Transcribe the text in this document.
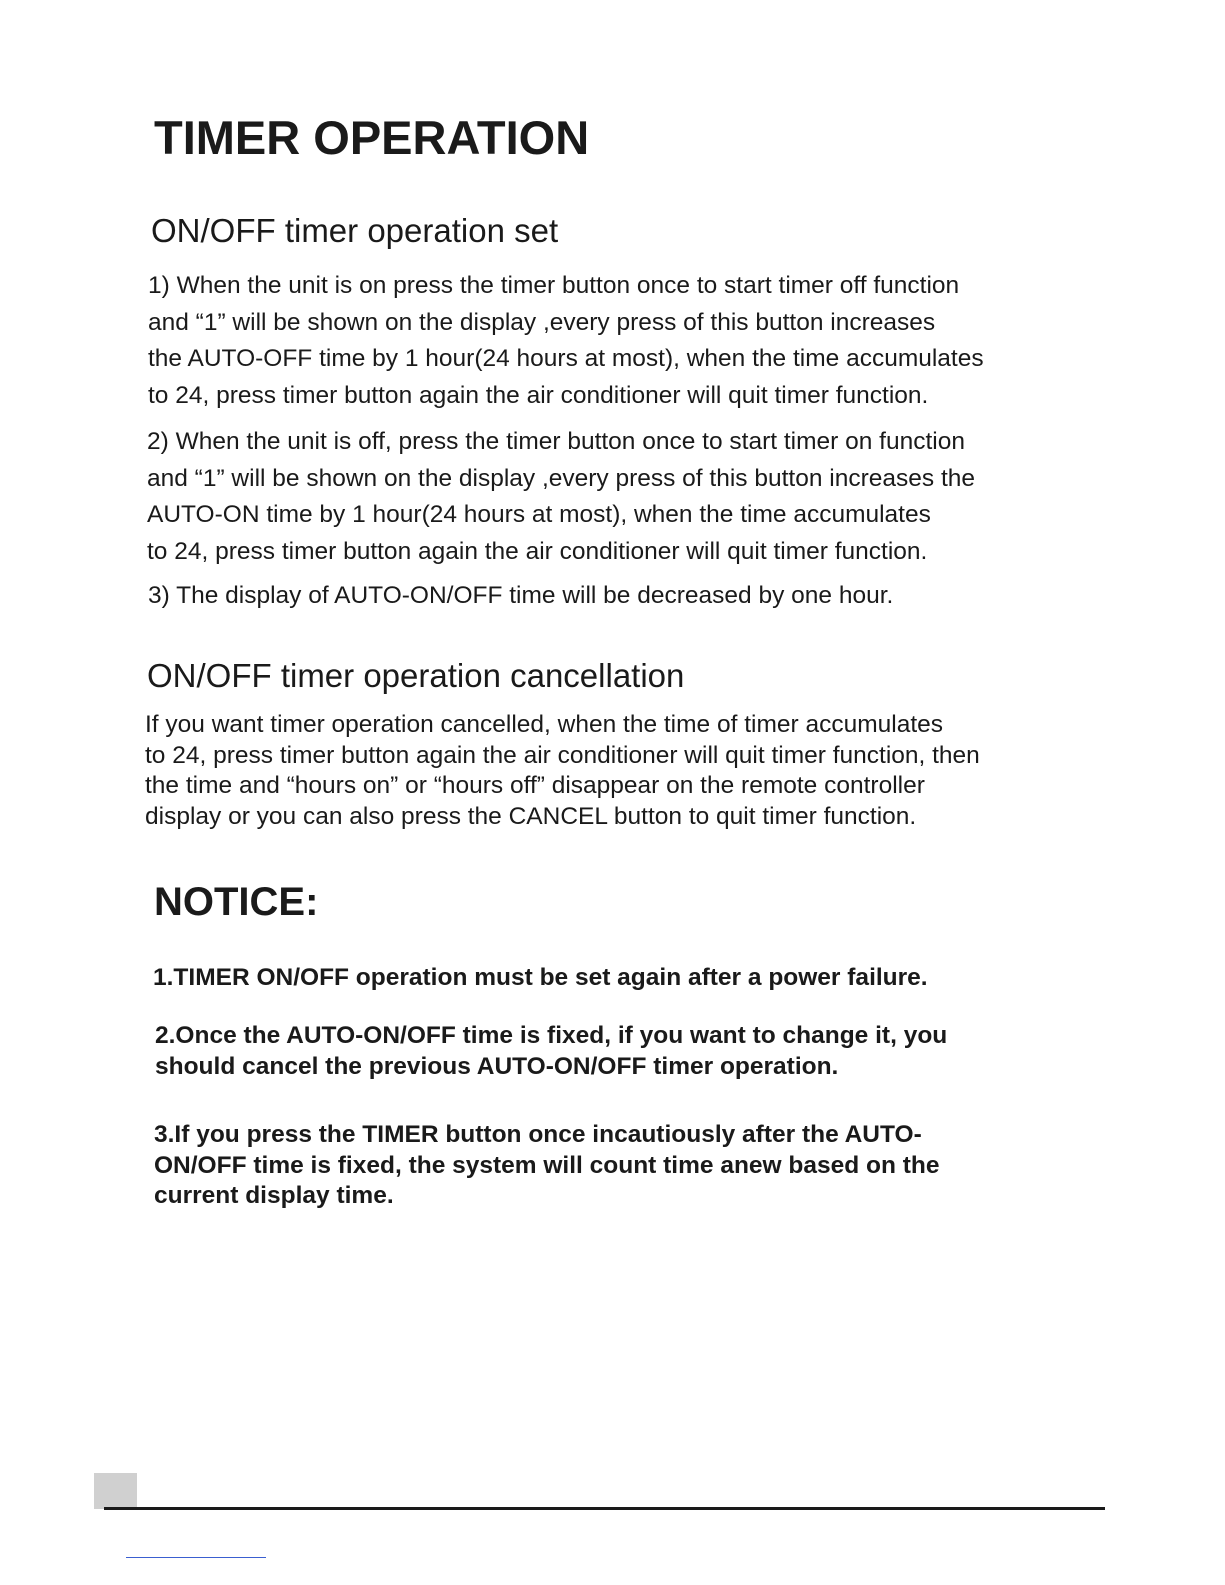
TIMER OPERATION
ON/OFF timer operation set

1) When the unit is on press the timer button once to start timer off function
and “1” will be shown on the display ,every press of this button increases
the AUTO-OFF time by 1 hour(24 hours at most), when the time accumulates
to 24, press timer button again the air conditioner will quit timer function.

2) When the unit is off, press the timer button once to start timer on function
and “1” will be shown on the display ,every press of this button increases the
AUTO-ON time by 1 hour(24 hours at most), when the time accumulates
to 24, press timer button again the air conditioner will quit timer function.

3) The display of AUTO-ON/OFF time will be decreased by one hour.

ON/OFF timer operation cancellation

If you want timer operation cancelled, when the time of timer accumulates
to 24, press timer button again the air conditioner will quit timer function, then
the time and “hours on” or “hours off” disappear on the remote controller
display or you can also press the CANCEL button to quit timer function.

NOTICE:

1.TIMER ON/OFF operation must be set again after a power failure.

2.Once the AUTO-ON/OFF time is fixed, if you want to change it, you
should cancel the previous AUTO-ON/OFF timer operation.

3.If you press the TIMER button once incautiously after the AUTO-
ON/OFF time is fixed, the system will count time anew based on the
current display time.
